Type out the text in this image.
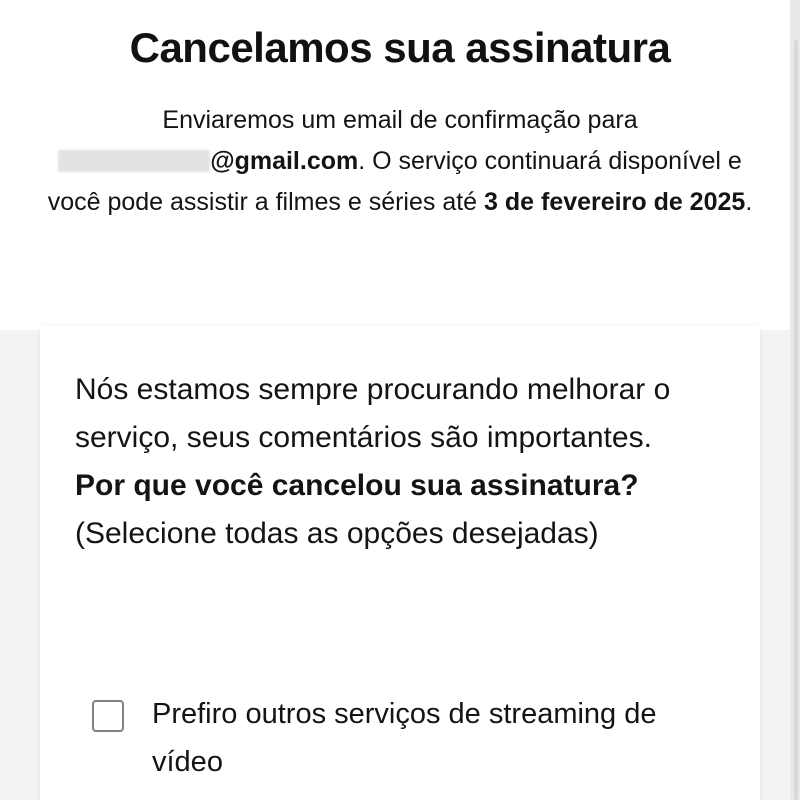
Cancelamos sua assinatura
Enviaremos um email de confirmação para
@gmail.com. O serviço continuará disponível e você pode assistir a filmes e séries até 3 de fevereiro de 2025.
Nós estamos sempre procurando melhorar o serviço, seus comentários são importantes.
Por que você cancelou sua assinatura? (Selecione todas as opções desejadas)
Prefiro outros serviços de streaming de vídeo
